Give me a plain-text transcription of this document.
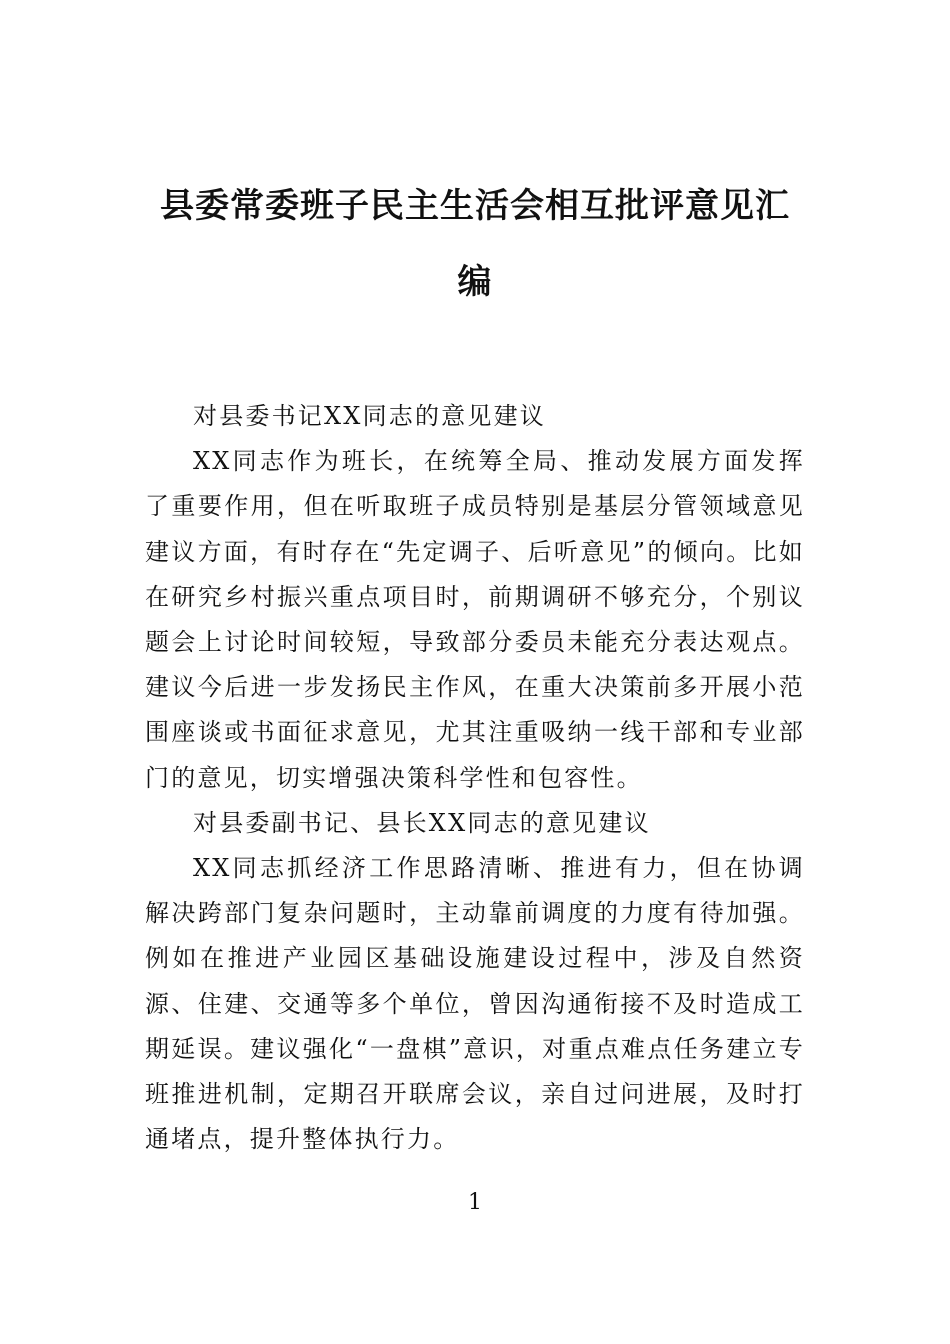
县委常委班子民主生活会相互批评意见汇编

对县委书记XX同志的意见建议

XX同志作为班长，在统筹全局、推动发展方面发挥了重要作用，但在听取班子成员特别是基层分管领域意见建议方面，有时存在“先定调子、后听意见”的倾向。比如在研究乡村振兴重点项目时，前期调研不够充分，个别议题会上讨论时间较短，导致部分委员未能充分表达观点。建议今后进一步发扬民主作风，在重大决策前多开展小范围座谈或书面征求意见，尤其注重吸纳一线干部和专业部门的意见，切实增强决策科学性和包容性。

对县委副书记、县长XX同志的意见建议

XX同志抓经济工作思路清晰、推进有力，但在协调解决跨部门复杂问题时，主动靠前调度的力度有待加强。例如在推进产业园区基础设施建设过程中，涉及自然资源、住建、交通等多个单位，曾因沟通衔接不及时造成工期延误。建议强化“一盘棋”意识，对重点难点任务建立专班推进机制，定期召开联席会议，亲自过问进展，及时打通堵点，提升整体执行力。

1
